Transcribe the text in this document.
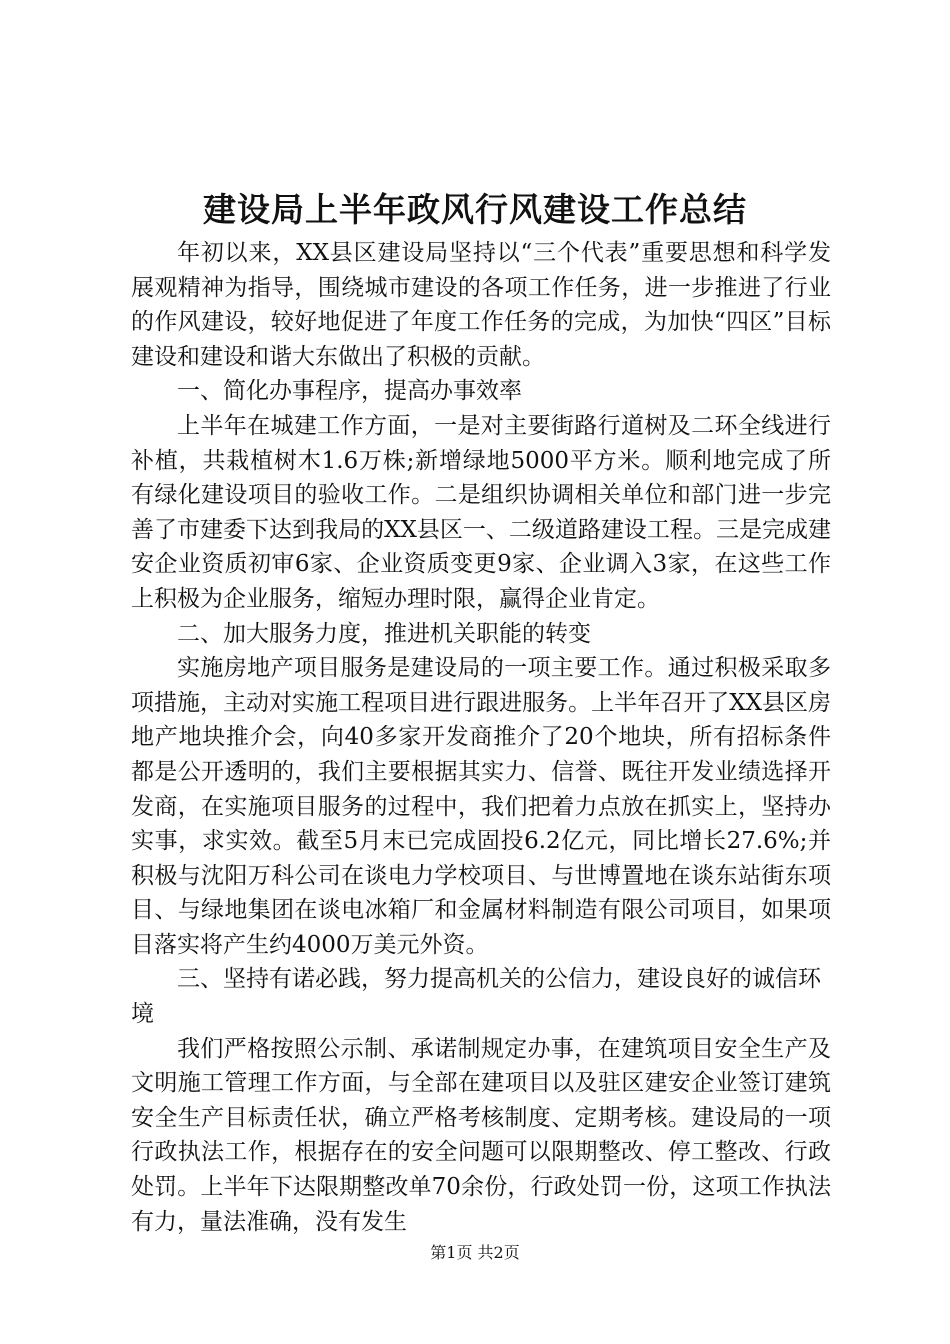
建设局上半年政风行风建设工作总结

年初以来，XX县区建设局坚持以“三个代表”重要思想和科学发展观精神为指导，围绕城市建设的各项工作任务，进一步推进了行业的作风建设，较好地促进了年度工作任务的完成，为加快“四区”目标建设和建设和谐大东做出了积极的贡献。

一、简化办事程序，提高办事效率

上半年在城建工作方面，一是对主要街路行道树及二环全线进行补植，共栽植树木1.6万株;新增绿地5000平方米。顺利地完成了所有绿化建设项目的验收工作。二是组织协调相关单位和部门进一步完善了市建委下达到我局的XX县区一、二级道路建设工程。三是完成建安企业资质初审6家、企业资质变更9家、企业调入3家，在这些工作上积极为企业服务，缩短办理时限，赢得企业肯定。

二、加大服务力度，推进机关职能的转变

实施房地产项目服务是建设局的一项主要工作。通过积极采取多项措施，主动对实施工程项目进行跟进服务。上半年召开了XX县区房地产地块推介会，向40多家开发商推介了20个地块，所有招标条件都是公开透明的，我们主要根据其实力、信誉、既往开发业绩选择开发商，在实施项目服务的过程中，我们把着力点放在抓实上，坚持办实事，求实效。截至5月末已完成固投6.2亿元，同比增长27.6%;并积极与沈阳万科公司在谈电力学校项目、与世博置地在谈东站街东项目、与绿地集团在谈电冰箱厂和金属材料制造有限公司项目，如果项目落实将产生约4000万美元外资。

三、坚持有诺必践，努力提高机关的公信力，建设良好的诚信环境

我们严格按照公示制、承诺制规定办事，在建筑项目安全生产及文明施工管理工作方面，与全部在建项目以及驻区建安企业签订建筑安全生产目标责任状，确立严格考核制度、定期考核。建设局的一项行政执法工作，根据存在的安全问题可以限期整改、停工整改、行政处罚。上半年下达限期整改单70余份，行政处罚一份，这项工作执法有力，量法准确，没有发生

第1页 共2页
